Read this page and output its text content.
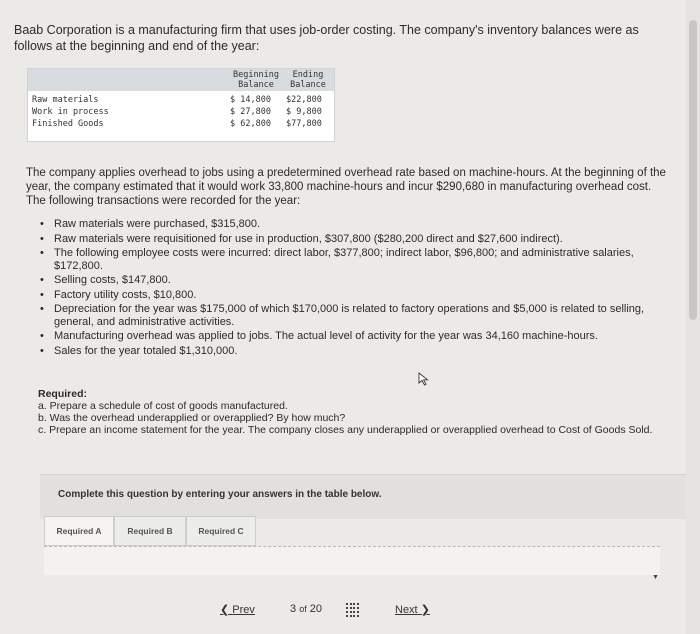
Baab Corporation is a manufacturing firm that uses job-order costing. The company's inventory balances were as follows at the beginning and end of the year:
Beginning
Balance
Ending
Balance
Raw materials	$ 14,800 $22,800
Work in process	$ 27,800 $ 9,800
Finished Goods	$ 62,800 $77,800
The company applies overhead to jobs using a predetermined overhead rate based on machine-hours. At the beginning of the year, the company estimated that it would work 33,800 machine-hours and incur $290,680 in manufacturing overhead cost. The following transactions were recorded for the year:
• Raw materials were purchased, $315,800.
• Raw materials were requisitioned for use in production, $307,800 ($280,200 direct and $27,600 indirect).
• The following employee costs were incurred: direct labor, $377,800; indirect labor, $96,800; and administrative salaries, $172,800.
• Selling costs, $147,800.
• Factory utility costs, $10,800.
• Depreciation for the year was $175,000 of which $170,000 is related to factory operations and $5,000 is related to selling, general, and administrative activities.
• Manufacturing overhead was applied to jobs. The actual level of activity for the year was 34,160 machine-hours.
• Sales for the year totaled $1,310,000.
Required:
a. Prepare a schedule of cost of goods manufactured.
b. Was the overhead underapplied or overapplied? By how much?
c. Prepare an income statement for the year. The company closes any underapplied or overapplied overhead to Cost of Goods Sold.
Complete this question by entering your answers in the table below.
Required A	Required B	Required C
▼
❮ Prev	3 of 20	Next ❯
